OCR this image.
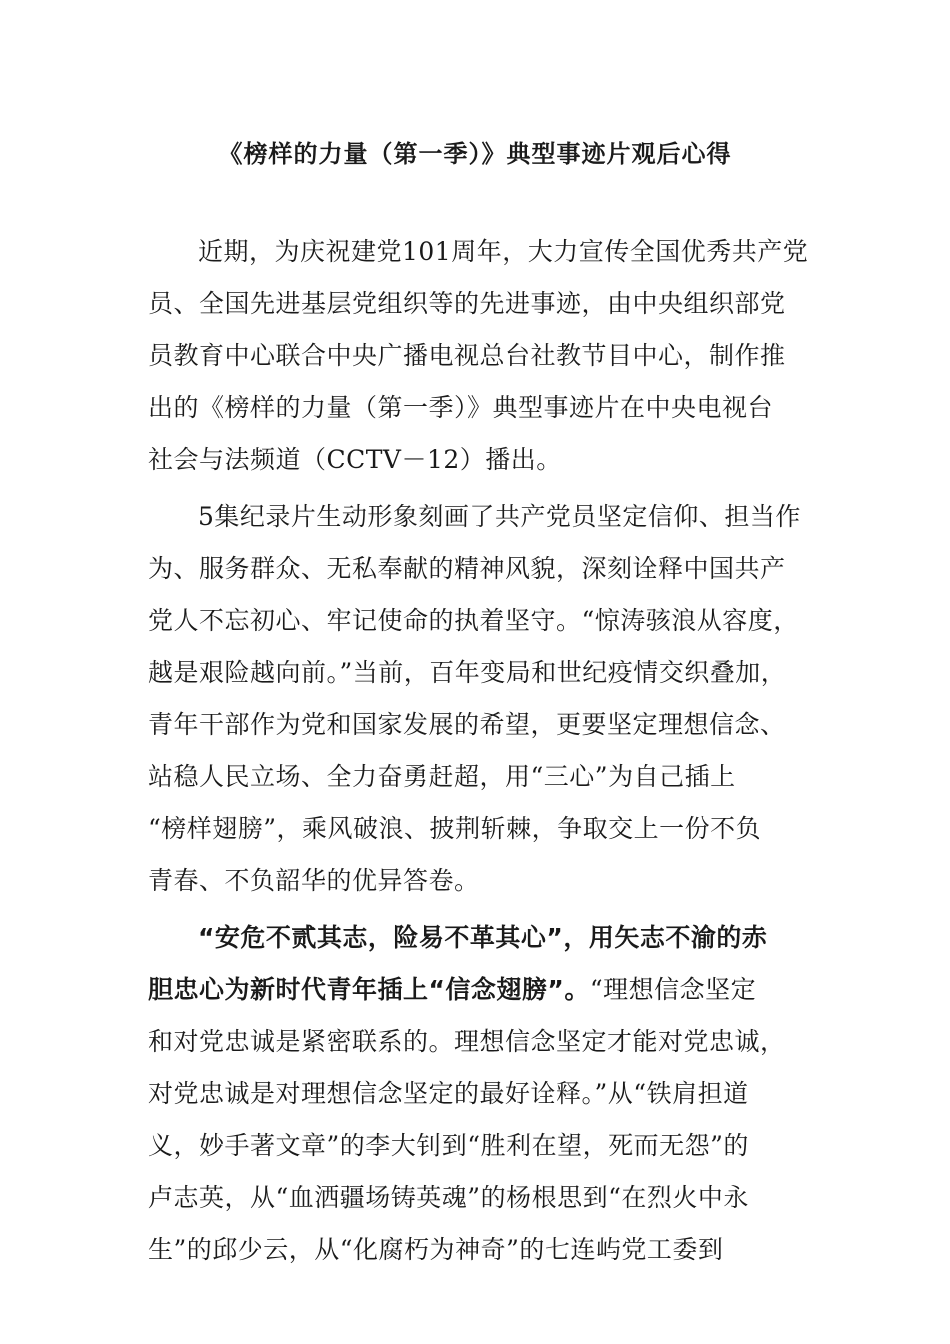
《榜样的力量（第一季）》典型事迹片观后心得
近期，为庆祝建党101周年，大力宣传全国优秀共产党
员、全国先进基层党组织等的先进事迹，由中央组织部党
员教育中心联合中央广播电视总台社教节目中心，制作推
出的《榜样的力量（第一季）》典型事迹片在中央电视台
社会与法频道（CCTV－12）播出。
5集纪录片生动形象刻画了共产党员坚定信仰、担当作
为、服务群众、无私奉献的精神风貌，深刻诠释中国共产
党人不忘初心、牢记使命的执着坚守。“惊涛骇浪从容度，
越是艰险越向前。”当前，百年变局和世纪疫情交织叠加，
青年干部作为党和国家发展的希望，更要坚定理想信念、
站稳人民立场、全力奋勇赶超，用“三心”为自己插上
“榜样翅膀”，乘风破浪、披荆斩棘，争取交上一份不负
青春、不负韶华的优异答卷。
“安危不贰其志，险易不革其心”，用矢志不渝的赤
胆忠心为新时代青年插上“信念翅膀”。“理想信念坚定
和对党忠诚是紧密联系的。理想信念坚定才能对党忠诚，
对党忠诚是对理想信念坚定的最好诠释。”从“铁肩担道
义，妙手著文章”的李大钊到“胜利在望，死而无怨”的
卢志英，从“血洒疆场铸英魂”的杨根思到“在烈火中永
生”的邱少云，从“化腐朽为神奇”的七连屿党工委到
